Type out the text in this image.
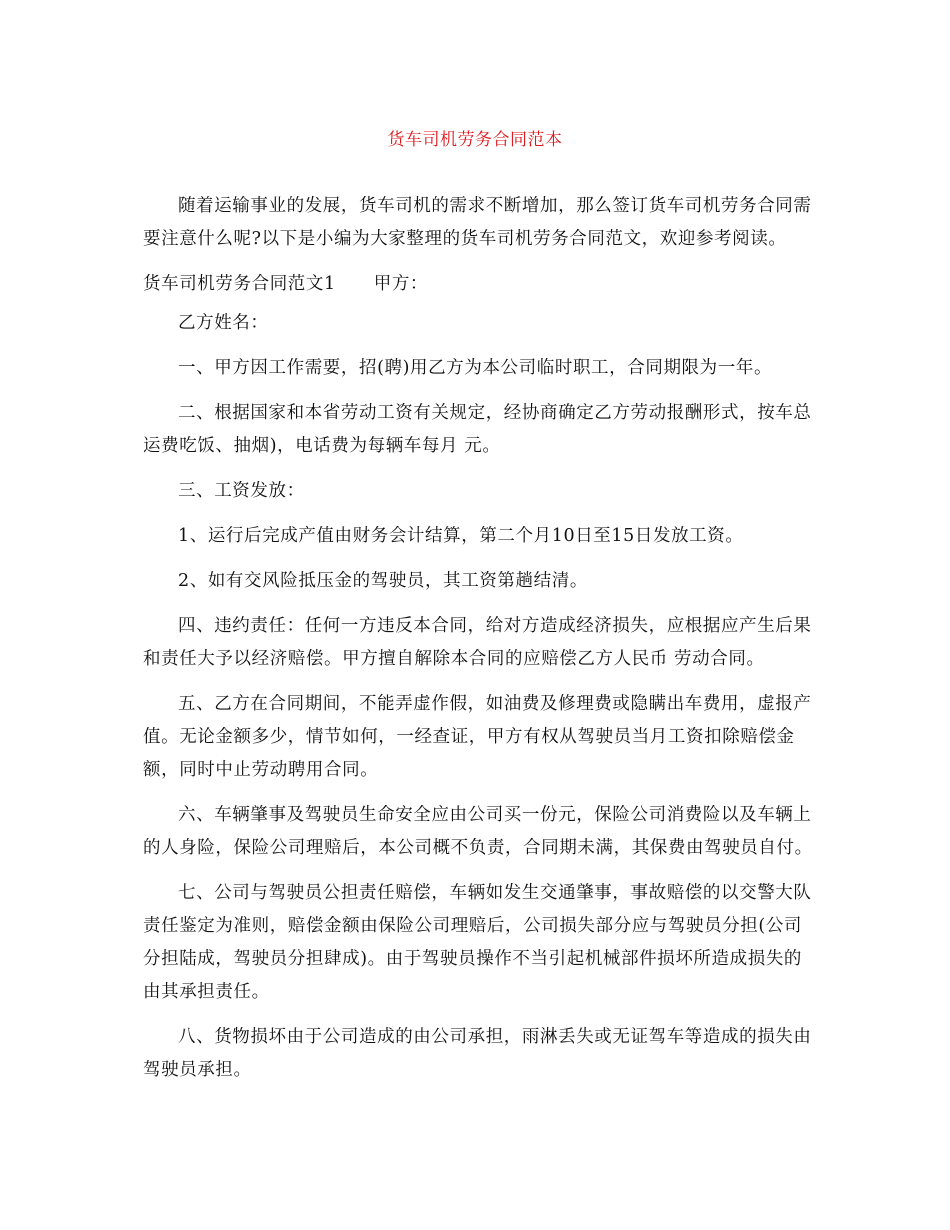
货车司机劳务合同范本

随着运输事业的发展，货车司机的需求不断增加，那么签订货车司机劳务合同需要注意什么呢?以下是小编为大家整理的货车司机劳务合同范文，欢迎参考阅读。

货车司机劳务合同范文1 甲方：

乙方姓名：

一、甲方因工作需要，招(聘)用乙方为本公司临时职工，合同期限为一年。

二、根据国家和本省劳动工资有关规定，经协商确定乙方劳动报酬形式，按车总运费吃饭、抽烟)，电话费为每辆车每月 元。

三、工资发放：

1、运行后完成产值由财务会计结算，第二个月10日至15日发放工资。

2、如有交风险抵压金的驾驶员，其工资第趟结清。

四、违约责任：任何一方违反本合同，给对方造成经济损失，应根据应产生后果和责任大予以经济赔偿。甲方擅自解除本合同的应赔偿乙方人民币 劳动合同。

五、乙方在合同期间，不能弄虚作假，如油费及修理费或隐瞒出车费用，虚报产值。无论金额多少，情节如何，一经查证，甲方有权从驾驶员当月工资扣除赔偿金额，同时中止劳动聘用合同。

六、车辆肇事及驾驶员生命安全应由公司买一份元，保险公司消费险以及车辆上的人身险，保险公司理赔后，本公司概不负责，合同期未满，其保费由驾驶员自付。

七、公司与驾驶员公担责任赔偿，车辆如发生交通肇事，事故赔偿的以交警大队责任鉴定为准则，赔偿金额由保险公司理赔后，公司损失部分应与驾驶员分担(公司分担陆成，驾驶员分担肆成)。由于驾驶员操作不当引起机械部件损坏所造成损失的由其承担责任。

八、货物损坏由于公司造成的由公司承担，雨淋丢失或无证驾车等造成的损失由驾驶员承担。
